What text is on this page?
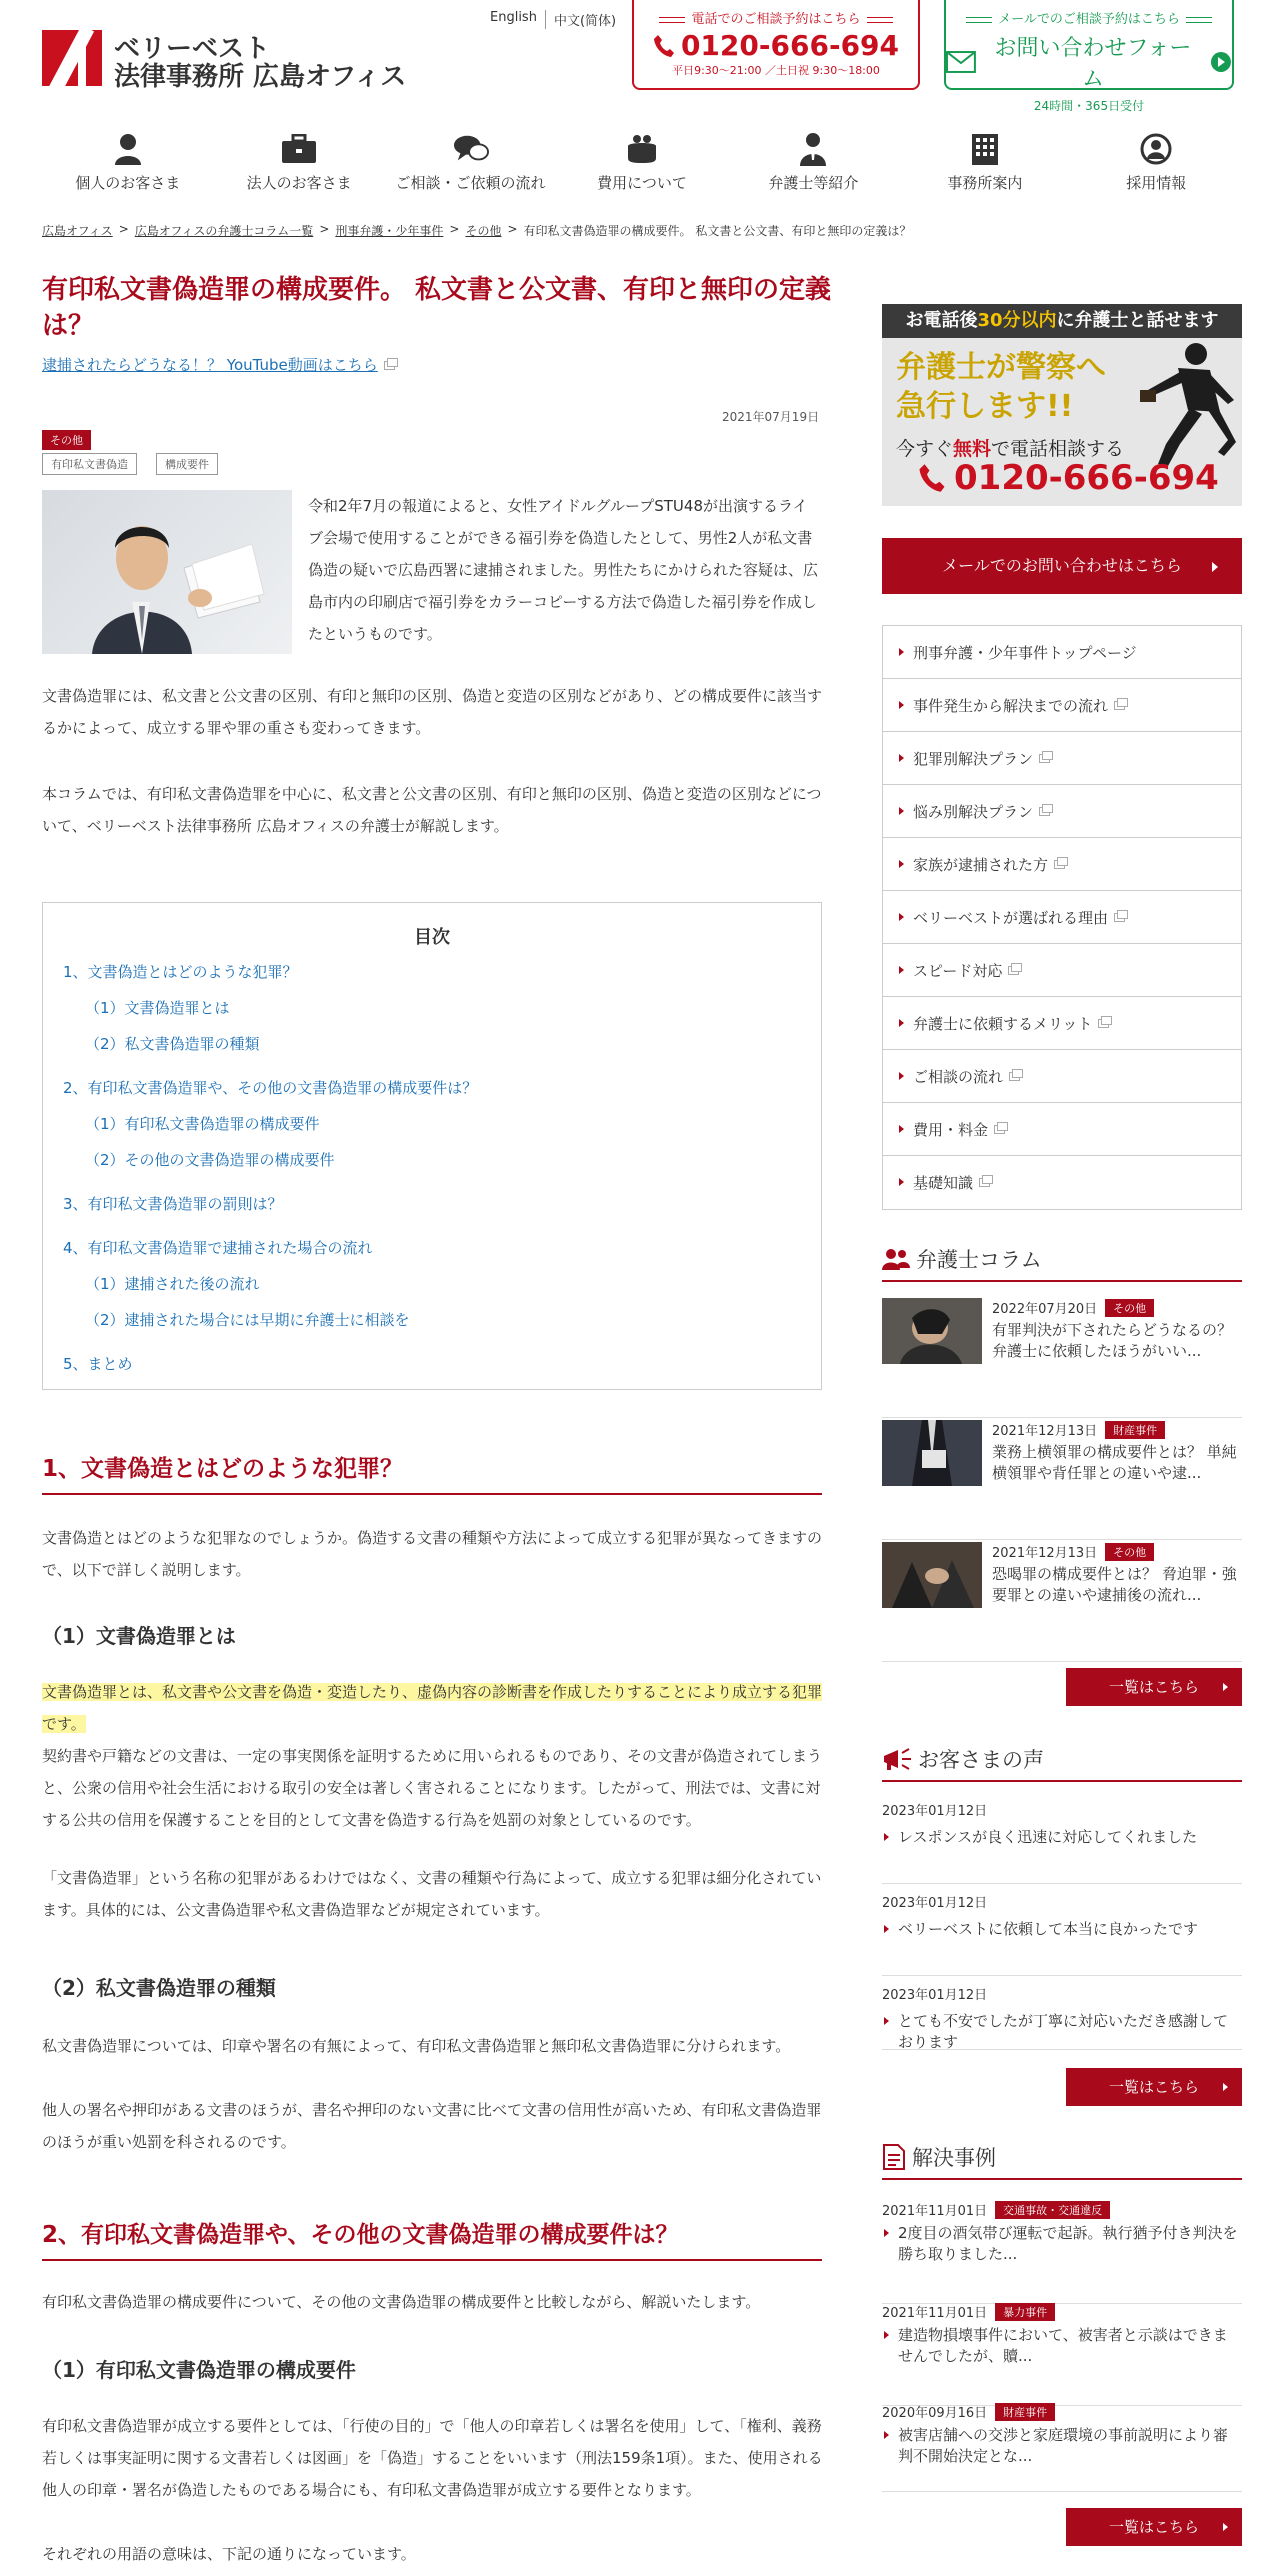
ベリーベスト
法律事務所 広島オフィス
English	中文(简体)	電話でのご相談予約はこちら
0120-666-694
平日9:30〜21:00 ／土日祝 9:30〜18:00
メールでのご相談予約はこちら
お問い合わせフォーム
24時間・365日受付
個人のお客さま	法人のお客さま	ご相談・ご依頼の流れ	費用について	弁護士等紹介	事務所案内	採用情報
広島オフィス > 広島オフィスの弁護士コラム一覧 > 刑事弁護・少年事件 > その他 > 有印私文書偽造罪の構成要件。 私文書と公文書、有印と無印の定義は？
有印私文書偽造罪の構成要件。 私文書と公文書、有印と無印の定義は？
逮捕されたらどうなる！？ YouTube動画はこちら
2021年07月19日
その他
有印私文書偽造	構成要件

令和2年7月の報道によると、女性アイドルグループSTU48が出演するライブ会場で使用することができる福引券を偽造したとして、男性2人が私文書偽造の疑いで広島西署に逮捕されました。男性たちにかけられた容疑は、広島市内の印刷店で福引券をカラーコピーする方法で偽造した福引券を作成したというものです。

文書偽造罪には、私文書と公文書の区別、有印と無印の区別、偽造と変造の区別などがあり、どの構成要件に該当するかによって、成立する罪や罪の重さも変わってきます。

本コラムでは、有印私文書偽造罪を中心に、私文書と公文書の区別、有印と無印の区別、偽造と変造の区別などについて、ベリーベスト法律事務所 広島オフィスの弁護士が解説します。

目次
1、文書偽造とはどのような犯罪？
（1）文書偽造罪とは
（2）私文書偽造罪の種類
2、有印私文書偽造罪や、その他の文書偽造罪の構成要件は？
（1）有印私文書偽造罪の構成要件
（2）その他の文書偽造罪の構成要件
3、有印私文書偽造罪の罰則は？
4、有印私文書偽造罪で逮捕された場合の流れ
（1）逮捕された後の流れ
（2）逮捕された場合には早期に弁護士に相談を
5、まとめ
1、文書偽造とはどのような犯罪？

文書偽造とはどのような犯罪なのでしょうか。偽造する文書の種類や方法によって成立する犯罪が異なってきますので、以下で詳しく説明します。

（1）文書偽造罪とは

文書偽造罪とは、私文書や公文書を偽造・変造したり、虚偽内容の診断書を作成したりすることにより成立する犯罪です。

契約書や戸籍などの文書は、一定の事実関係を証明するために用いられるものであり、その文書が偽造されてしまうと、公衆の信用や社会生活における取引の安全は著しく害されることになります。したがって、刑法では、文書に対する公共の信用を保護することを目的として文書を偽造する行為を処罰の対象としているのです。

「文書偽造罪」という名称の犯罪があるわけではなく、文書の種類や行為によって、成立する犯罪は細分化されています。具体的には、公文書偽造罪や私文書偽造罪などが規定されています。

（2）私文書偽造罪の種類

私文書偽造罪については、印章や署名の有無によって、有印私文書偽造罪と無印私文書偽造罪に分けられます。

他人の署名や押印がある文書のほうが、書名や押印のない文書に比べて文書の信用性が高いため、有印私文書偽造罪のほうが重い処罰を科されるのです。

2、有印私文書偽造罪や、その他の文書偽造罪の構成要件は？

有印私文書偽造罪の構成要件について、その他の文書偽造罪の構成要件と比較しながら、解説いたします。

（1）有印私文書偽造罪の構成要件

有印私文書偽造罪が成立する要件としては、「行使の目的」で「他人の印章若しくは署名を使用」して、「権利、義務若しくは事実証明に関する文書若しくは図画」を「偽造」することをいいます（刑法159条1項）。また、使用される他人の印章・署名が偽造したものである場合にも、有印私文書偽造罪が成立する要件となります。

それぞれの用語の意味は、下記の通りになっています。

お電話後30分以内に弁護士と話せます
弁護士が警察へ
急行します!!
今すぐ無料で電話相談する
0120-666-694
メールでのお問い合わせはこちら
刑事弁護・少年事件トップページ
事件発生から解決までの流れ
犯罪別解決プラン
悩み別解決プラン
家族が逮捕された方
ベリーベストが選ばれる理由
スピード対応
弁護士に依頼するメリット
ご相談の流れ
費用・料金
基礎知識
弁護士コラム
2022年07月20日	その他
有罪判決が下されたらどうなるの？ 弁護士に依頼したほうがいい...
2021年12月13日	財産事件
業務上横領罪の構成要件とは？ 単純横領罪や背任罪との違いや逮...
2021年12月13日	その他
恐喝罪の構成要件とは？ 脅迫罪・強要罪との違いや逮捕後の流れ...
一覧はこちら
お客さまの声
2023年01月12日
レスポンスが良く迅速に対応してくれました
2023年01月12日
ベリーベストに依頼して本当に良かったです
2023年01月12日
とても不安でしたが丁寧に対応いただき感謝しております
一覧はこちら
解決事例
2021年11月01日	交通事故・交通違反
2度目の酒気帯び運転で起訴。執行猶予付き判決を勝ち取りました...
2021年11月01日	暴力事件
建造物損壊事件において、被害者と示談はできませんでしたが、贖...
2020年09月16日	財産事件
被害店舗への交渉と家庭環境の事前説明により審判不開始決定とな...
一覧はこちら
